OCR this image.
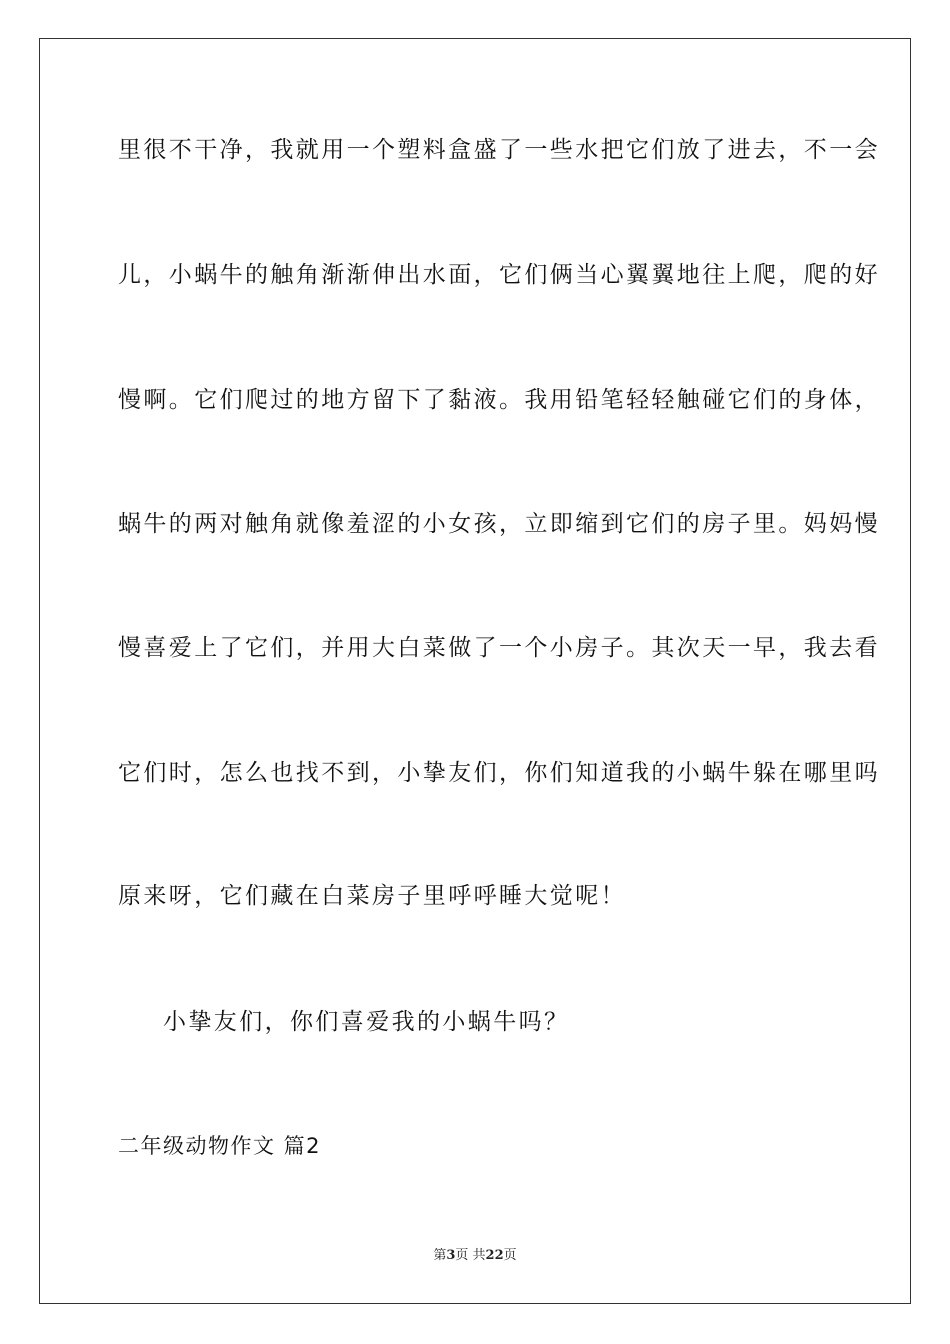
里很不干净，我就用一个塑料盒盛了一些水把它们放了进去，不一会
儿，小蜗牛的触角渐渐伸出水面，它们俩当心翼翼地往上爬，爬的好
慢啊。它们爬过的地方留下了黏液。我用铅笔轻轻触碰它们的身体，
蜗牛的两对触角就像羞涩的小女孩，立即缩到它们的房子里。妈妈慢
慢喜爱上了它们，并用大白菜做了一个小房子。其次天一早，我去看
它们时，怎么也找不到，小挚友们，你们知道我的小蜗牛躲在哪里吗
原来呀，它们藏在白菜房子里呼呼睡大觉呢！
小挚友们，你们喜爱我的小蜗牛吗？
二年级动物作文 篇2
第3页 共22页
